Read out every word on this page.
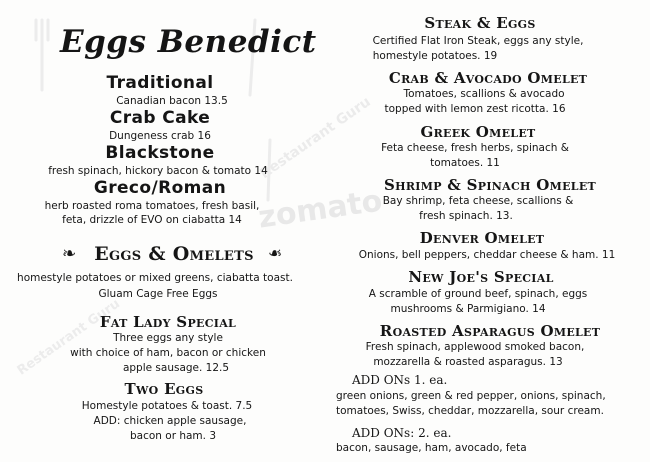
zomato
Restaurant Guru
Restaurant Guru
Eggs Benedict
Traditional
Canadian bacon 13.5
Crab Cake
Dungeness crab 16
Blackstone
fresh spinach, hickory bacon & tomato 14
Greco/Roman
herb roasted roma tomatoes, fresh basil,
feta, drizzle of EVO on ciabatta 14
❧ Eggs & Omelets ❧
homestyle potatoes or mixed greens, ciabatta toast.
Gluam Cage Free Eggs
Fat Lady Special
Three eggs any style
with choice of ham, bacon or chicken
apple sausage. 12.5
Two Eggs
Homestyle potatoes & toast. 7.5
ADD: chicken apple sausage,
bacon or ham. 3
Steak & Eggs
Certified Flat Iron Steak, eggs any style,
homestyle potatoes. 19
Crab & Avocado Omelet
Tomatoes, scallions & avocado
topped with lemon zest ricotta. 16
Greek Omelet
Feta cheese, fresh herbs, spinach &
tomatoes. 11
Shrimp & Spinach Omelet
Bay shrimp, feta cheese, scallions &
fresh spinach. 13.
Denver Omelet
Onions, bell peppers, cheddar cheese & ham. 11
New Joe's Special
A scramble of ground beef, spinach, eggs
mushrooms & Parmigiano. 14
Roasted Asparagus Omelet
Fresh spinach, applewood smoked bacon,
mozzarella & roasted asparagus. 13
ADD ONs 1. ea.
green onions, green & red pepper, onions, spinach,
tomatoes, Swiss, cheddar, mozzarella, sour cream.
ADD ONs: 2. ea.
bacon, sausage, ham, avocado, feta
